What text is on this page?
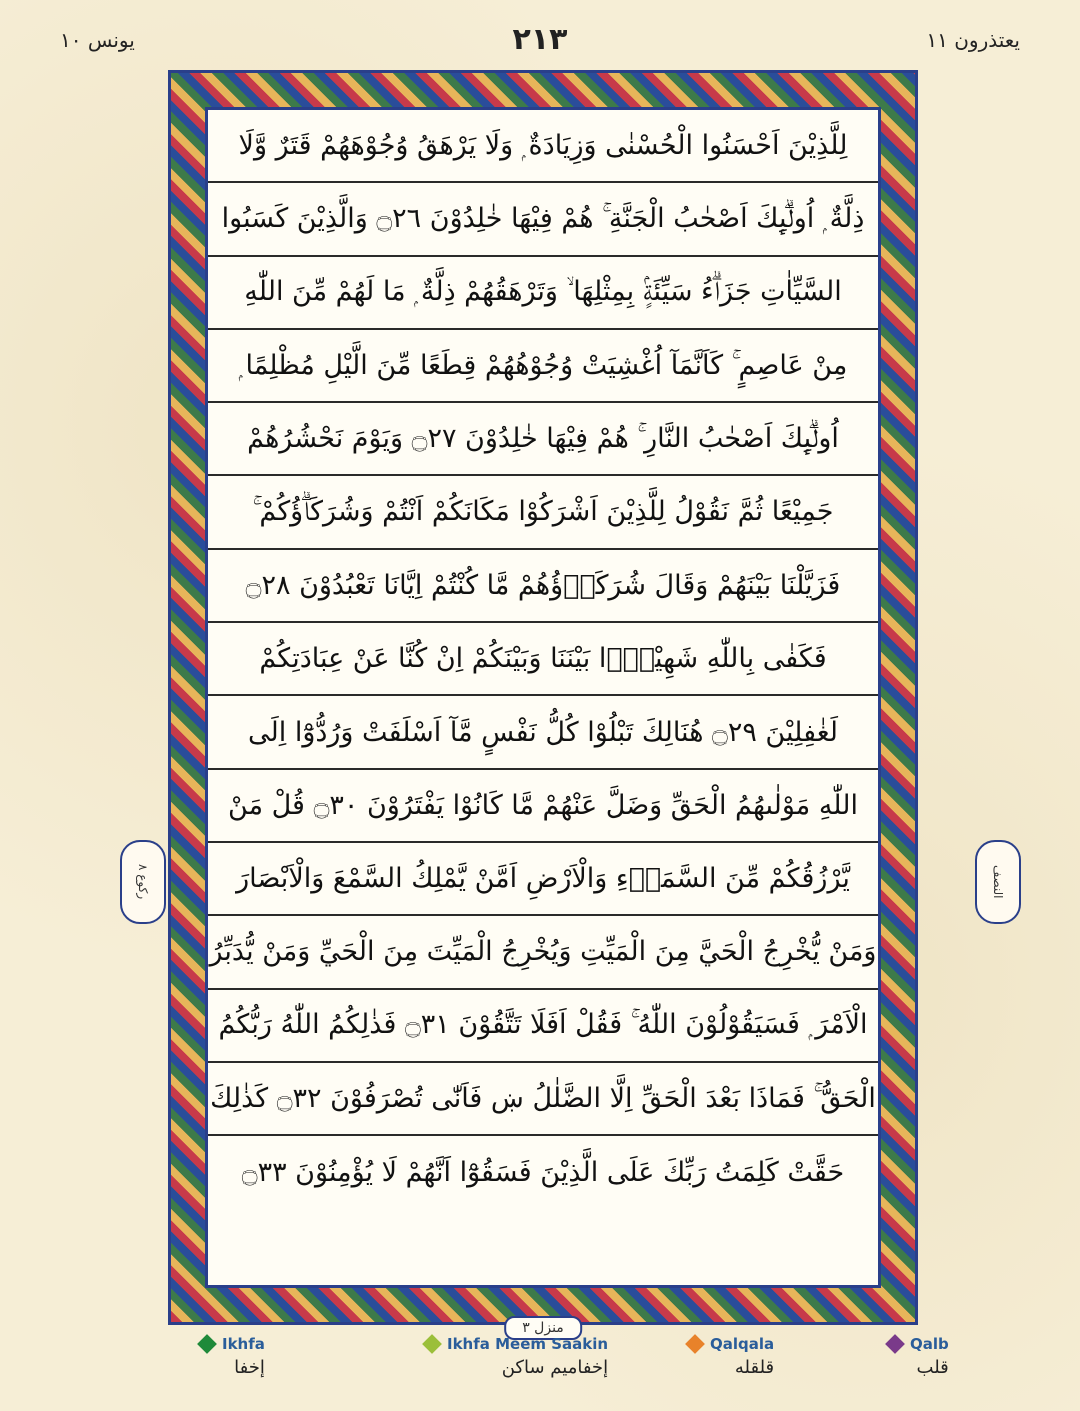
يعتذرون ١١
٢١٣
يونس ١٠
النصف
ركوع ٨
لِلَّذِيْنَ اَحْسَنُوا الْحُسْنٰى وَزِيَادَةٌ ۭ وَلَا يَرْهَقُ وُجُوْهَهُمْ قَتَرٌ وَّلَا
ذِلَّةٌ ۭ اُولٰۗىِٕكَ اَصْحٰبُ الْجَنَّةِ ۚ هُمْ فِيْهَا خٰلِدُوْنَ ۝٢٦ وَالَّذِيْنَ كَسَبُوا
السَّيِّاٰتِ جَزَاۗءُ سَيِّئَةٍۢ بِمِثْلِهَا ۙ وَتَرْهَقُهُمْ ذِلَّةٌ ۭ مَا لَهُمْ مِّنَ اللّٰهِ
مِنْ عَاصِمٍ ۚ كَاَنَّمَآ اُغْشِيَتْ وُجُوْهُهُمْ قِطَعًا مِّنَ الَّيْلِ مُظْلِمًا ۭ
اُولٰۗىِٕكَ اَصْحٰبُ النَّارِ ۚ هُمْ فِيْهَا خٰلِدُوْنَ ۝٢٧ وَيَوْمَ نَحْشُرُهُمْ
جَمِيْعًا ثُمَّ نَقُوْلُ لِلَّذِيْنَ اَشْرَكُوْا مَكَانَكُمْ اَنْتُمْ وَشُرَكَاۗؤُكُمْ ۚ
فَزَيَّلْنَا بَيْنَهُمْ وَقَالَ شُرَكَاۗؤُهُمْ مَّا كُنْتُمْ اِيَّانَا تَعْبُدُوْنَ ۝٢٨
فَكَفٰى بِاللّٰهِ شَهِيْدًۢا بَيْنَنَا وَبَيْنَكُمْ اِنْ كُنَّا عَنْ عِبَادَتِكُمْ
لَغٰفِلِيْنَ ۝٢٩ هُنَالِكَ تَبْلُوْا كُلُّ نَفْسٍ مَّآ اَسْلَفَتْ وَرُدُّوْٓا اِلَى
اللّٰهِ مَوْلٰىهُمُ الْحَقِّ وَضَلَّ عَنْهُمْ مَّا كَانُوْا يَفْتَرُوْنَ ۝٣٠ قُلْ مَنْ
يَّرْزُقُكُمْ مِّنَ السَّمَاۗءِ وَالْاَرْضِ اَمَّنْ يَّمْلِكُ السَّمْعَ وَالْاَبْصَارَ
وَمَنْ يُّخْرِجُ الْحَيَّ مِنَ الْمَيِّتِ وَيُخْرِجُ الْمَيِّتَ مِنَ الْحَيِّ وَمَنْ يُّدَبِّرُ
الْاَمْرَ ۭ فَسَيَقُوْلُوْنَ اللّٰهُ ۚ فَقُلْ اَفَلَا تَتَّقُوْنَ ۝٣١ فَذٰلِكُمُ اللّٰهُ رَبُّكُمُ
الْحَقُّ ۚ فَمَاذَا بَعْدَ الْحَقِّ اِلَّا الضَّلٰلُ ښ فَاَنّٰى تُصْرَفُوْنَ ۝٣٢ كَذٰلِكَ
حَقَّتْ كَلِمَتُ رَبِّكَ عَلَى الَّذِيْنَ فَسَقُوْٓا اَنَّهُمْ لَا يُؤْمِنُوْنَ ۝٣٣
منزل ٣
Ikhfa
إخفا
Ikhfa Meem Saakin
إخفاميم ساكن
Qalqala
قلقله
Qalb
قلب
